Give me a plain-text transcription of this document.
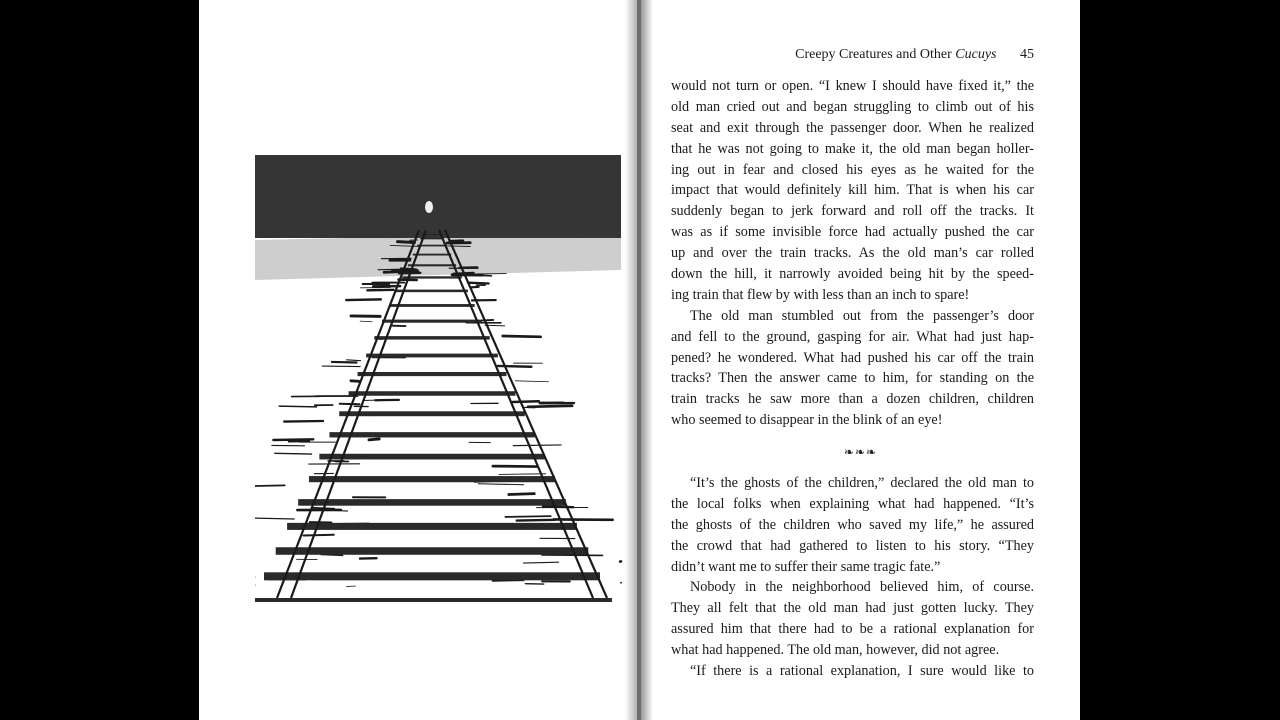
Creepy Creatures and Other Cucuys 45
would not turn or open. “I knew I should have fixed it,” the
old man cried out and began struggling to climb out of his
seat and exit through the passenger door. When he realized
that he was not going to make it, the old man began holler-
ing out in fear and closed his eyes as he waited for the
impact that would definitely kill him. That is when his car
suddenly began to jerk forward and roll off the tracks. It
was as if some invisible force had actually pushed the car
up and over the train tracks. As the old man’s car rolled
down the hill, it narrowly avoided being hit by the speed-
ing train that flew by with less than an inch to spare!
The old man stumbled out from the passenger’s door
and fell to the ground, gasping for air. What had just hap-
pened? he wondered. What had pushed his car off the train
tracks? Then the answer came to him, for standing on the
train tracks he saw more than a dozen children, children
who seemed to disappear in the blink of an eye!
❧❧❧
“It’s the ghosts of the children,” declared the old man to
the local folks when explaining what had happened. “It’s
the ghosts of the children who saved my life,” he assured
the crowd that had gathered to listen to his story. “They
didn’t want me to suffer their same tragic fate.”
Nobody in the neighborhood believed him, of course.
They all felt that the old man had just gotten lucky. They
assured him that there had to be a rational explanation for
what had happened. The old man, however, did not agree.
“If there is a rational explanation, I sure would like to
